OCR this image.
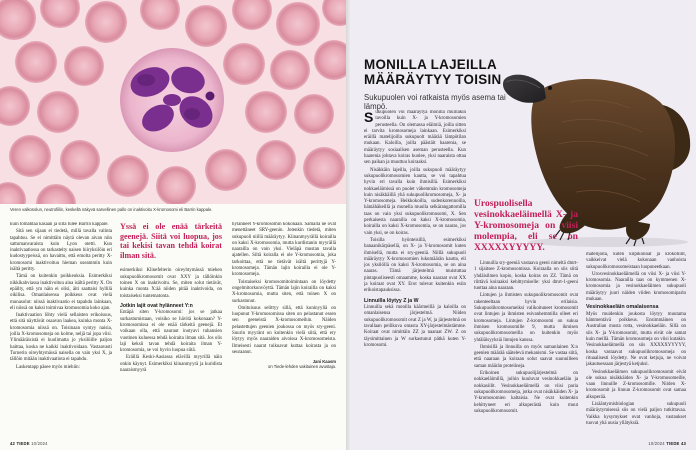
Veren valkosolun, neutrofiilin, keskellä näkyvä sarvellinen pallo on inaktivoitu X-kromosomi eli Barrin kappale.

kuin tomahtaa kasaan ja siitä tulee Barrin kappale.

Sitä sen sijaan ei tiedetä, millä tavalla valinta tapahtuu. Se ei nimittäin näytä olevan aivan niin sattumanvaraista kuin Lyon otetti. Kun inaktivaatiossa on tarkastelty naisen hiiryksilöin eri kudostyypeissä, on havaittu, että emolta peritty X-kromosomi inaktivoituu hieman useammin kuin isältä peritty.

Tämä on kuitenkin poikkeuksia. Esimerkiksi nikkikahviassa inaktivoituu aina isältä peritty X. On epäilty, että ym näin ei olisi, äiti saattaisi hyllilä oikilisa. Omanlaisensa poikkeus ovat vielä munasolut: niissä inaktivaatio ei tapahdu lainkaan, eli niissä on kaksi toimivaa kromosomia koko ajan.

Inaktivaation löhty vielä sellaisten erikoisuus, että sitä näyttävät osaavan laakea, kuinka monta X-kromosomia niissä on. Toisinaan syntyy naisia, joilla X-kromosomeja on kolme, neljä tai jopa viisi. Ylimääräisistä ei huolimatta jo yksilöille paljon haittaa, koska ne kaikki inaktivoidaan. Vastaavasti Turnerin oireyhtymässä naisella on vain yksi X, ja tällöin mitään inaktivaatiota ei tapahdu.

Laskentapp päsee myös miehiin:

Yssä ei ole enää tärkeitä geenejä. Siitä voi luopua, jos tai kekisi tavan tehdä koirat ilman sitä.

esimerkiksi Klinefelterin oireyhtymässä miehen sukupuolikromosomit ovat XXY ja tällöinkin toinen X on inaktivoitu. Se, miten solut tietävät, kuinka monta X:ää niiden pitää inaktivoida, on toistaiseksi tuntematonta.

Jotkin lajit ovat hylänneet Y:n

Entäpä siten Y-kromosomi: jos se jatkaa surkastumistaan, voisiko se hävitä kokonaan? Y-kromosomissa ei ole enää tärkeitä geenejä. Et voikaan olla, että nauraut inotyavi tuhansien vuotinen kuluessa tehdä koiraita ilman sitä. Jos olis laji keksii tavan tehdä koiraita ilman Y-kromosomia, se voi hyvin luopua siitä.

Eräillä Keski-Aasiassa elävillä myyrillä näin onkin käynyt. Esimerkiksi kiinanmyyrä ja kuridista naaraismyyrä

hylänneet Y-kromosomin kokonaan. Samalla ne ovat menettäneet SRY-geenin. Jotenkin tiedetä, miten sukupuoli niillä määräytyy. Kiinanmyyrällä koirailla on kaksi X-kromosomia, mutta kurdistanin myyrällä naarailla on vain yksi. Vieläpä mustan tavalla ajatellen. Siltä koiralla ei ole Y-kromosomia, joka tarkoittaa, että ne tietävät isältä perittyjä Y-kromosomeja. Tämän lajin koirailla ei ole Y-kromosomeja.

Toistaiseksi kromosomitoimintaan on löydetty ongelmitorkunvöyttä. Tämän lajin koirailla on kaksi X-kromosomia, mutta siten, että toinen X on surkastunut.

Omituisuus selittyy sillä, että kuninyyliä on luopunut Y-kromosomissa siten on pelastanut essen sen geeneistä X-kromosomeihin. Näiden pelastettujen geenien joukossa on myös sry-geeni. Suurin myyränt on kuitenkin vielä siitä, että ery löytyy myös naaraiden aivoissa X-kromosomeista. Ilmeisesti naarat tuikuavat kuttaa koirasta ja on seuraanut.

Jani Kaasm
on Tiede-lehden vakituinen avustaja.
42 TIEDE 10/2024
MONILLA LAJEILLA MÄÄRÄYTYY TOISIN
Sukupuolen voi ratkaista myös asema tai lämpö.

Sukupuolen voi määräytyä monilla muillakin tavoilla kuin X- ja Y-kromosomien perusteella. On olemassa eläimiä, joilla sitten ei tarvita kromosomeja lainkaan. Esimerkiksi eräillä matelijoilla sukupuolt määrää lämpötilan mukaan. Kaloilla, joilla päästäit haarenia, se määräytyy sosiaalisen aseman perusteella. Kun haarenia johtava koiras kuolee, yksi naaraista ottaa sen paikan ja muuttuu koiraaksi.

Nisäkkäin lajeilla, joilla sukupuoli määräytyy sukupuolikromosomien kautta, se voi tapahtua hyvin eri tavalla kuin ihmisillä. Esimerkiksi nokkaeläimissä on puolet vähemmän kromosomeja kuin nisäkkäillä yhä sukupuolikromosomeja, X- ja Y-kromosomeja. Heikkokoilla, sudenkorennoilla, hämähäkeillä ja monella muulla selkärangattomilla taas on vain yksi sukupuolikromosomi, X. Sen perkaisesta naarailla on kaksi X-kromosomia, koirailla on kaksi X-kromosomia, se on naaras, jos vain yksi, se on koiras.

Toisilla hyönteisillä, esimerkiksi banaanikärpäsellä, on X- ja Y-kromosomit kuten ihmisellä, mutta ei sry-geeniä. Niillä sukupuoli määräytyy X-kromosomien lukumäärän kautta, eli jos yksilöllä on kaksi X-kromosomia, se on aina naaras. Tämä järjestelmä muistuttaa pintapuoliseesti omaamme, koska naaraat ovat XX ja koiraat ovat XY. Erot tulevat kuitenkin esiin erikoistapauksissa.

Linnuilla löytyy Z ja W

Linnuilla sekä monilla käärmeillä ja kaloilla on omanlaisensa järjestelmä. Niiden sukupuolikromosomit ovat Z ja W, ja järjestelmä on tavallaan peilikuva omasta XY-järjestelmästämme. Koiraat ovat nimittäin ZZ ja naaraat ZW. Z on täysimittainen ja W surkastunut pätkä kuten Y-kromosomi.

Urospuolisella vesinokkaeläimellä X- ja Y-kromosomeja on viisi molempia, eli se on XXXXXYYYYY.

Linnuilla sry-geeniä vastaava geeni nimeltä dmrt-1 sijaitsee Z-kromosomissa. Koiraalla on siis siitä yhdäisilmen kopio, koska koiras on ZZ. Tämä on riittävä koiraaksi kehittymiselle: yksi dmrt-1-geeni tuottaa aina naaraan.

Lintujen ja ihmisten sukupuolikromosomit ovat rakenteeltaan hyvin erilaisia. Sukupuolikromosomeiksi valikoituneet kromosomit ovat lintujen ja ihmisten esivanhemmilla olleet eri kromosomeja. Lintujen Z-kromosomi on sukua ihmisen kromosomille 9, mutta ihmisen sukupuolikromosomeilla on kuitenkin myös yhtäläisyyksiä lintujen kanssa.

Ihmisillä ja linnuilla on myös samanlainen X:n geenien määrää säätelevä mekanismi. Se vastaa siitä, että naaraan ja koiraan solut saavat suunnilleen saman määrän proteiineja.

Erikoinen sukupuolijärjestelmä on nokkaeläimillä, joihin kuuluvat vesinokkaeläin ja nokkasiilit. Vesinokkaeläimellä on viisi paria sukupuolikromosomeja, jotka ovat nisäkkäiden X- ja Y-kromosomien kaltaisia. Ne ovat kuitenkin kehittyneet eri alkuperästä kuin muut sukupuolikromosomit.

matelijoita, kuten kilpikonnat ja krokotiilit, vaikkeivat vielä kokonaan vanhoista sukupuolikromosomeistaan luopuneetkaan.

Urosvesinokkaeläimellä on viisi X- ja viisi Y-kromosomia. Naarailla taas on kymmenen X-kromosomia ja vesinokkaeläimen sukupuoli määräytyy juuri näiden viiden kromosomiparin mukaan.

Vesinokkaeläin omalaisensa

Myös muidenkin joukosta löytyy muutama hämmentävä poikkeus. Ensimmäinen on Australian musta rotta, vesinokkaeläin. Sillä on siis X- ja Y-kromosomit, mutta eivät ole samat kuin meillä. Tämän kromosomeja on viisi kutakin. Vesinokkaeläimellä on siis XXXXXYYYYY, koska vastaavat sukupuolikromosomeja on rituaalisesti löydetty. Ne ovat ketjuja, ne voivat jakautuessaan järjestyä ketjuksi.

Vesinokkaeläimen sukupuolikromosomit eivät ole sukua nisäkkäiden X- ja Y-kromosomeille, vaan linnuille Z-kromosomille. Niiden X-kromosomit ja linnun Z-kromosomit ovat samaa alkuperää.

Lisääntymisbiologian sukupuoli määräytymisessä siis on vielä paljon tutkittavaa. Vaikka kysymykset ovat vanhoja, vastaukset tuovat yhä uusia yllätyksiä.

10/2024 TIEDE 43
